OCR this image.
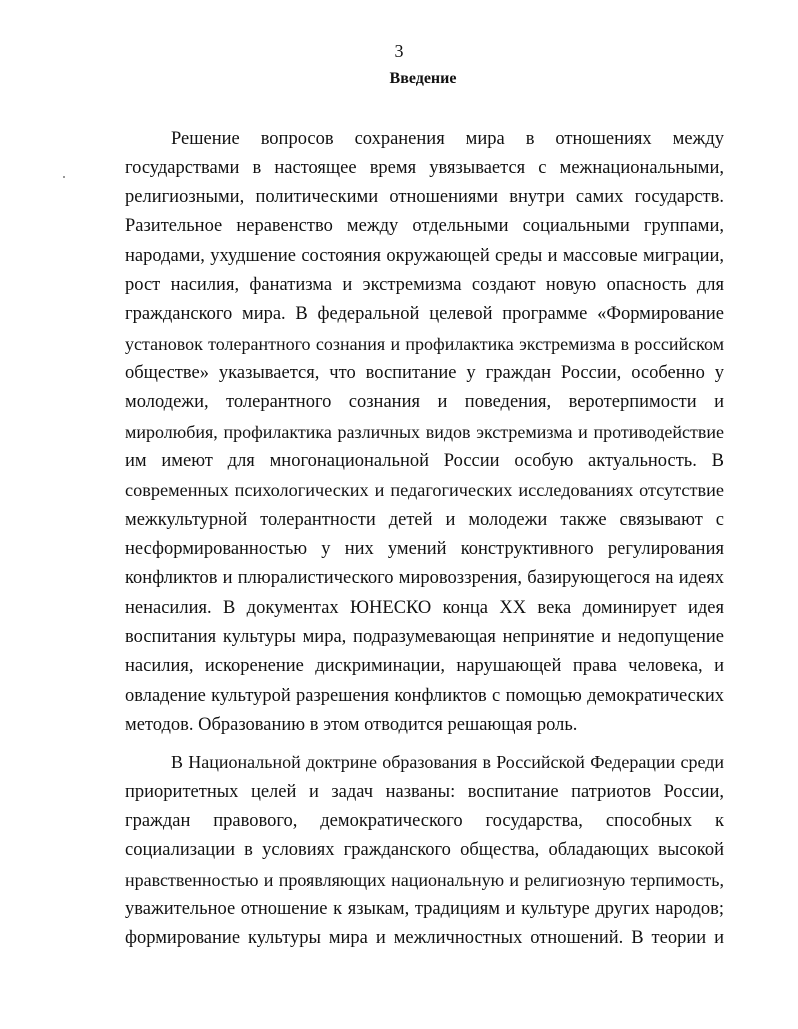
3
Введение
Решение вопросов сохранения мира в отношениях между
государствами в настоящее время увязывается с межнациональными,
религиозными, политическими отношениями внутри самих государств.
Разительное неравенство между отдельными социальными группами,
народами, ухудшение состояния окружающей среды и массовые миграции,
рост насилия, фанатизма и экстремизма создают новую опасность для
гражданского мира. В федеральной целевой программе «Формирование
установок толерантного сознания и профилактика экстремизма в российском
обществе» указывается, что воспитание у граждан России, особенно у
молодежи, толерантного сознания и поведения, веротерпимости и
миролюбия, профилактика различных видов экстремизма и противодействие
им имеют для многонациональной России особую актуальность. В
современных психологических и педагогических исследованиях отсутствие
межкультурной толерантности детей и молодежи также связывают с
несформированностью у них умений конструктивного регулирования
конфликтов и плюралистического мировоззрения, базирующегося на идеях
ненасилия. В документах ЮНЕСКО конца XX века доминирует идея
воспитания культуры мира, подразумевающая непринятие и недопущение
насилия, искоренение дискриминации, нарушающей права человека, и
овладение культурой разрешения конфликтов с помощью демократических
методов. Образованию в этом отводится решающая роль.
В Национальной доктрине образования в Российской Федерации среди
приоритетных целей и задач названы: воспитание патриотов России,
граждан правового, демократического государства, способных к
социализации в условиях гражданского общества, обладающих высокой
нравственностью и проявляющих национальную и религиозную терпимость,
уважительное отношение к языкам, традициям и культуре других народов;
формирование культуры мира и межличностных отношений. В теории и
